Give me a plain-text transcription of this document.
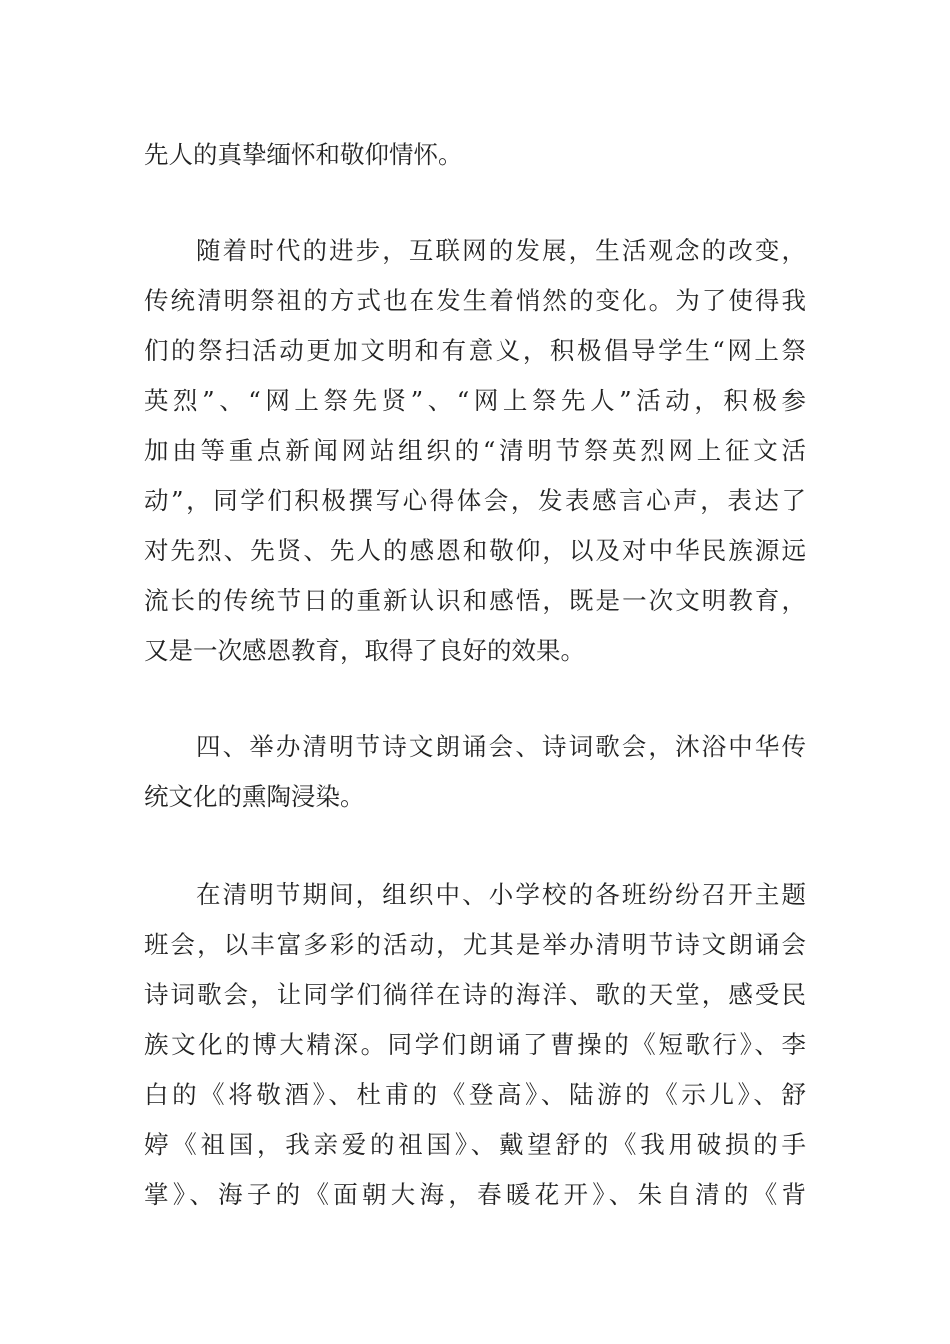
先人的真挚缅怀和敬仰情怀。

随着时代的进步，互联网的发展，生活观念的改变，

传统清明祭祖的方式也在发生着悄然的变化。为了使得我

们的祭扫活动更加文明和有意义，积极倡导学生“网上祭

英烈”、“网上祭先贤”、“网上祭先人”活动，积极参

加由等重点新闻网站组织的“清明节祭英烈网上征文活

动”，同学们积极撰写心得体会，发表感言心声，表达了

对先烈、先贤、先人的感恩和敬仰，以及对中华民族源远

流长的传统节日的重新认识和感悟，既是一次文明教育，

又是一次感恩教育，取得了良好的效果。

四、举办清明节诗文朗诵会、诗词歌会，沐浴中华传

统文化的熏陶浸染。

在清明节期间，组织中、小学校的各班纷纷召开主题

班会，以丰富多彩的活动，尤其是举办清明节诗文朗诵会

诗词歌会，让同学们徜徉在诗的海洋、歌的天堂，感受民

族文化的博大精深。同学们朗诵了曹操的《短歌行》、李

白的《将敬酒》、杜甫的《登高》、陆游的《示儿》、舒

婷《祖国，我亲爱的祖国》、戴望舒的《我用破损的手

掌》、海子的《面朝大海，春暖花开》、朱自清的《背
